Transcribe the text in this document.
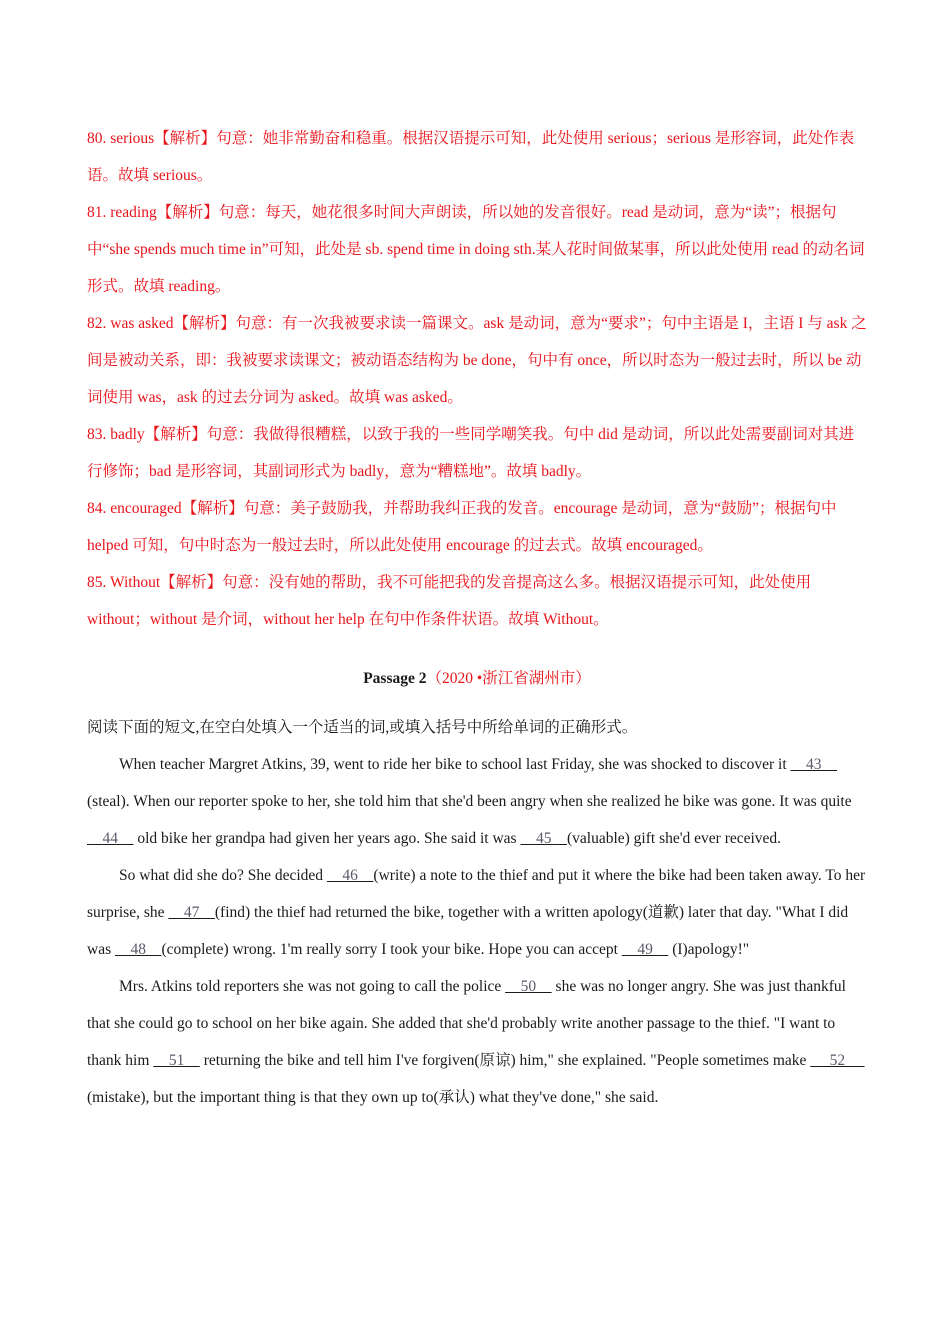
80. serious【解析】句意：她非常勤奋和稳重。根据汉语提示可知，此处使用 serious；serious 是形容词，此处作表语。故填 serious。

81. reading【解析】句意：每天，她花很多时间大声朗读，所以她的发音很好。read 是动词，意为“读”；根据句中“she spends much time in”可知，此处是 sb. spend time in doing sth.某人花时间做某事，所以此处使用 read 的动名词形式。故填 reading。

82. was asked【解析】句意：有一次我被要求读一篇课文。ask 是动词，意为“要求”；句中主语是 I，主语 I 与 ask 之间是被动关系，即：我被要求读课文；被动语态结构为 be done，句中有 once，所以时态为一般过去时，所以 be 动词使用 was，ask 的过去分词为 asked。故填 was asked。

83. badly【解析】句意：我做得很糟糕，以致于我的一些同学嘲笑我。句中 did 是动词，所以此处需要副词对其进行修饰；bad 是形容词，其副词形式为 badly，意为“糟糕地”。故填 badly。

84. encouraged【解析】句意：美子鼓励我，并帮助我纠正我的发音。encourage 是动词，意为“鼓励”；根据句中 helped 可知，句中时态为一般过去时，所以此处使用 encourage 的过去式。故填 encouraged。

85. Without【解析】句意：没有她的帮助，我不可能把我的发音提高这么多。根据汉语提示可知，此处使用 without；without 是介词，without her help 在句中作条件状语。故填 Without。

Passage 2（2020 •浙江省湖州市）

阅读下面的短文,在空白处填入一个适当的词,或填入括号中所给单词的正确形式。

When teacher Margret Atkins, 39, went to ride her bike to school last Friday, she was shocked to discover it     43     (steal). When our reporter spoke to her, she told him that she'd been angry when she realized he bike was gone. It was quite     44     old bike her grandpa had given her years ago. She said it was     45    (valuable) gift she'd ever received.

So what did she do? She decided     46    (write) a note to the thief and put it where the bike had been taken away. To her surprise, she     47    (find) the thief had returned the bike, together with a written apology(道歉) later that day. "What I did was     48    (complete) wrong. 1'm really sorry I took your bike. Hope you can accept     49     (I)apology!"

Mrs. Atkins told reporters she was not going to call the police     50     she was no longer angry. She was just thankful that she could go to school on her bike again. She added that she'd probably write another passage to the thief. "I want to thank him     51     returning the bike and tell him I've forgiven(原谅) him," she explained. "People sometimes make      52     (mistake), but the important thing is that they own up to(承认) what they've done," she said.
